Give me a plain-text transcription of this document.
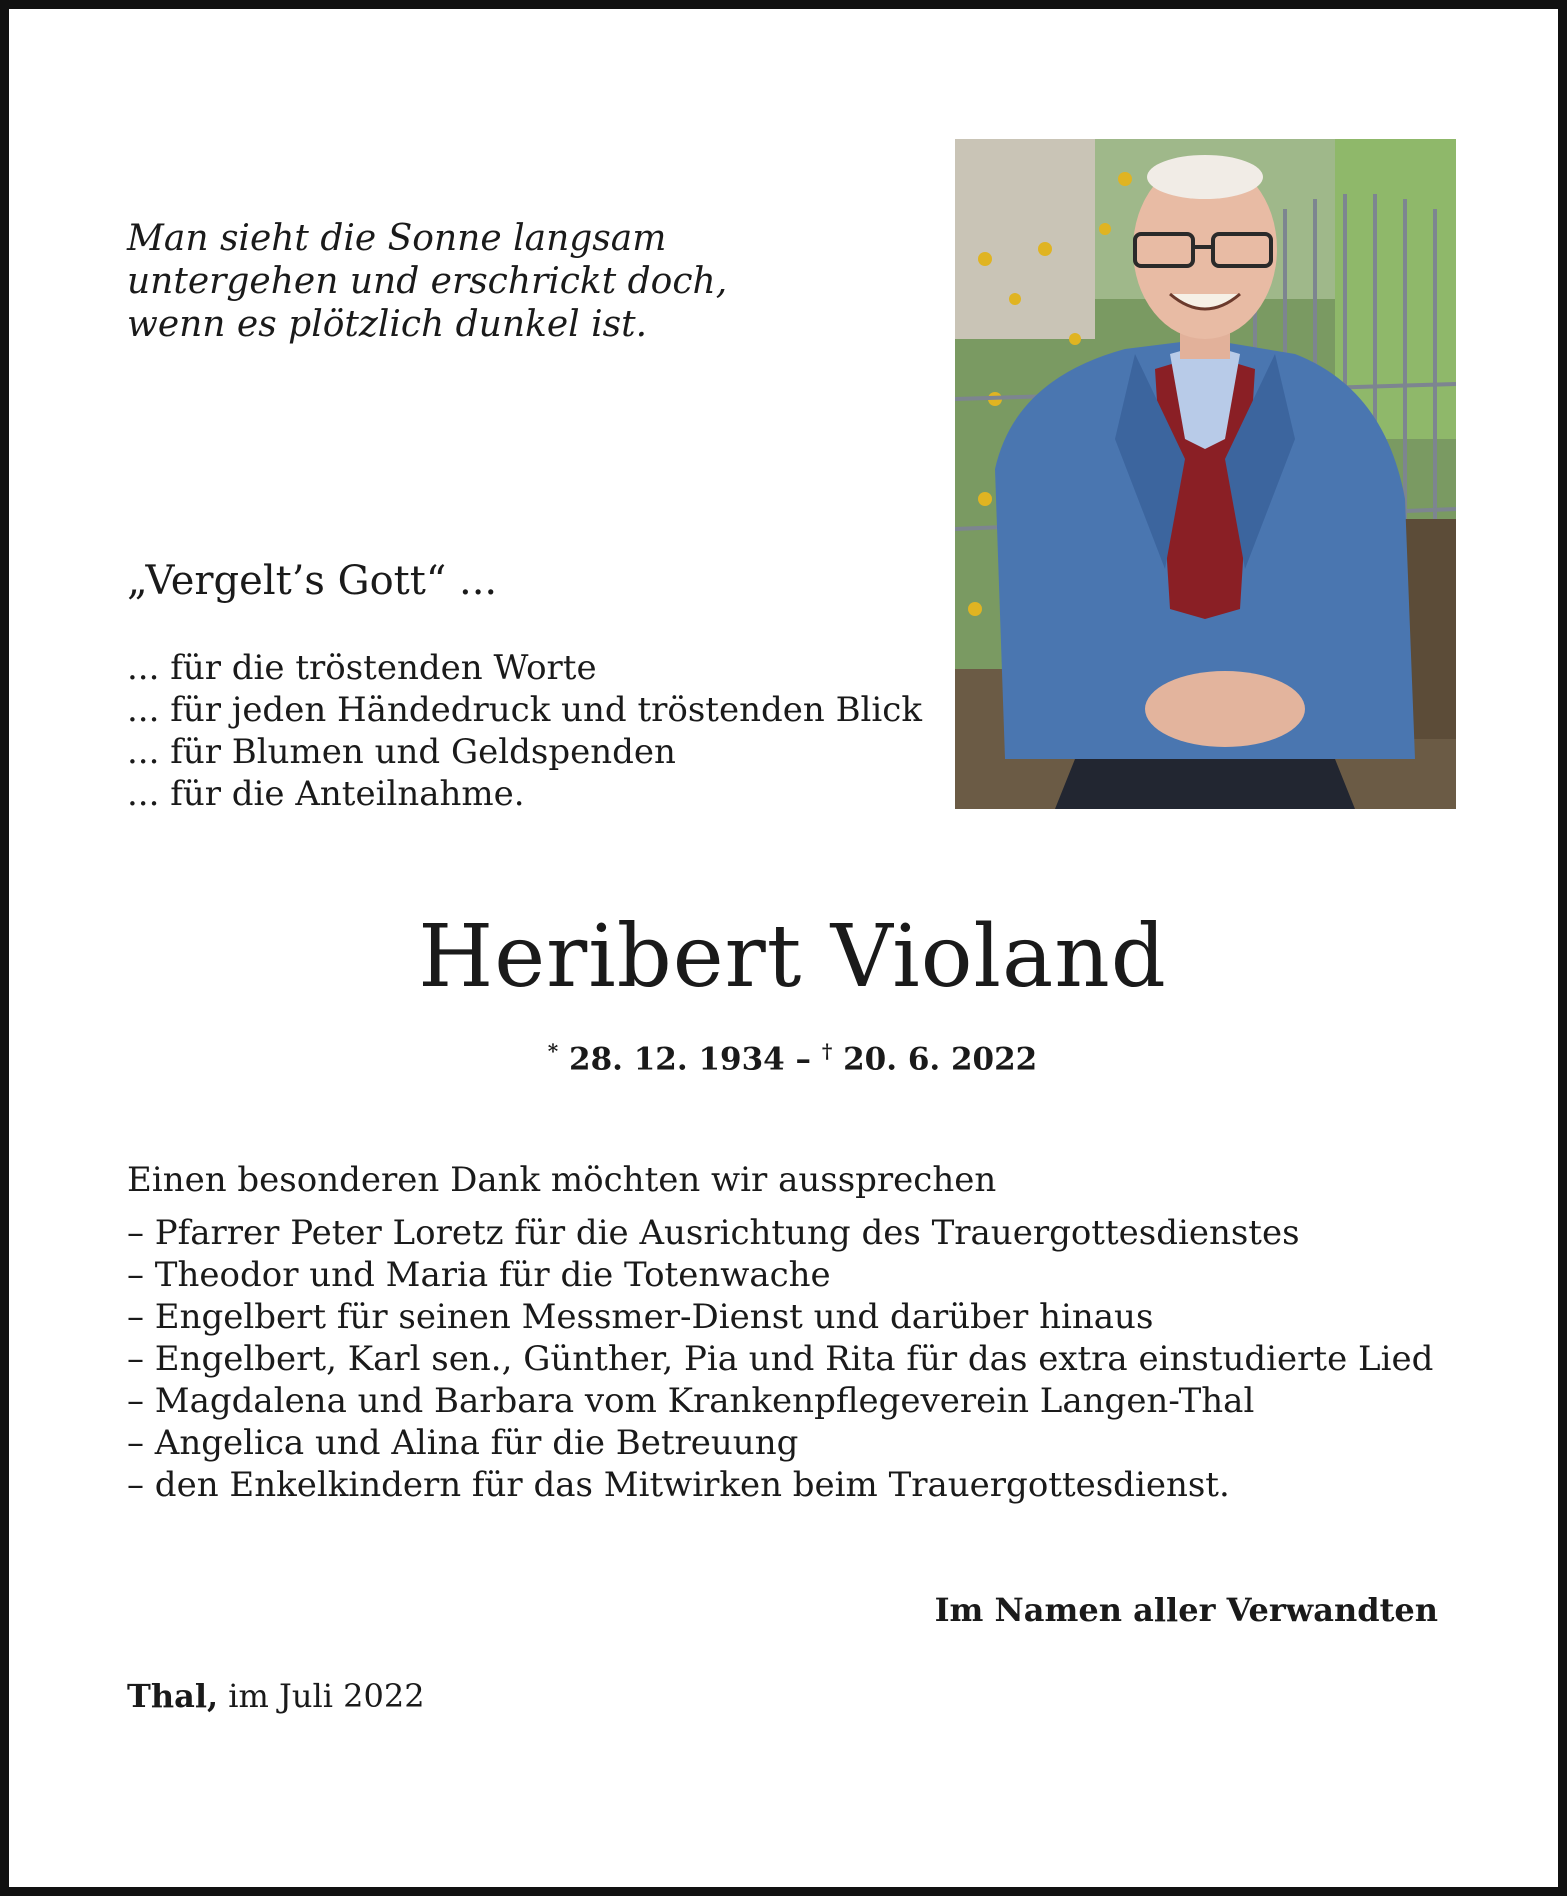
Man sieht die Sonne langsam
untergehen und erschrickt doch,
wenn es plötzlich dunkel ist.

„Vergelt’s Gott“ ...

... für die tröstenden Worte
... für jeden Händedruck und tröstenden Blick
... für Blumen und Geldspenden
... für die Anteilnahme.
Heribert Violand
* 28. 12. 1934 – † 20. 6. 2022

Einen besonderen Dank möchten wir aussprechen

– Pfarrer Peter Loretz für die Ausrichtung des Trauergottesdienstes
– Theodor und Maria für die Totenwache
– Engelbert für seinen Messmer-Dienst und darüber hinaus
– Engelbert, Karl sen., Günther, Pia und Rita für das extra einstudierte Lied
– Magdalena und Barbara vom Krankenpflegeverein Langen-Thal
– Angelica und Alina für die Betreuung
– den Enkelkindern für das Mitwirken beim Trauergottesdienst.
Im Namen aller Verwandten
Thal, im Juli 2022
